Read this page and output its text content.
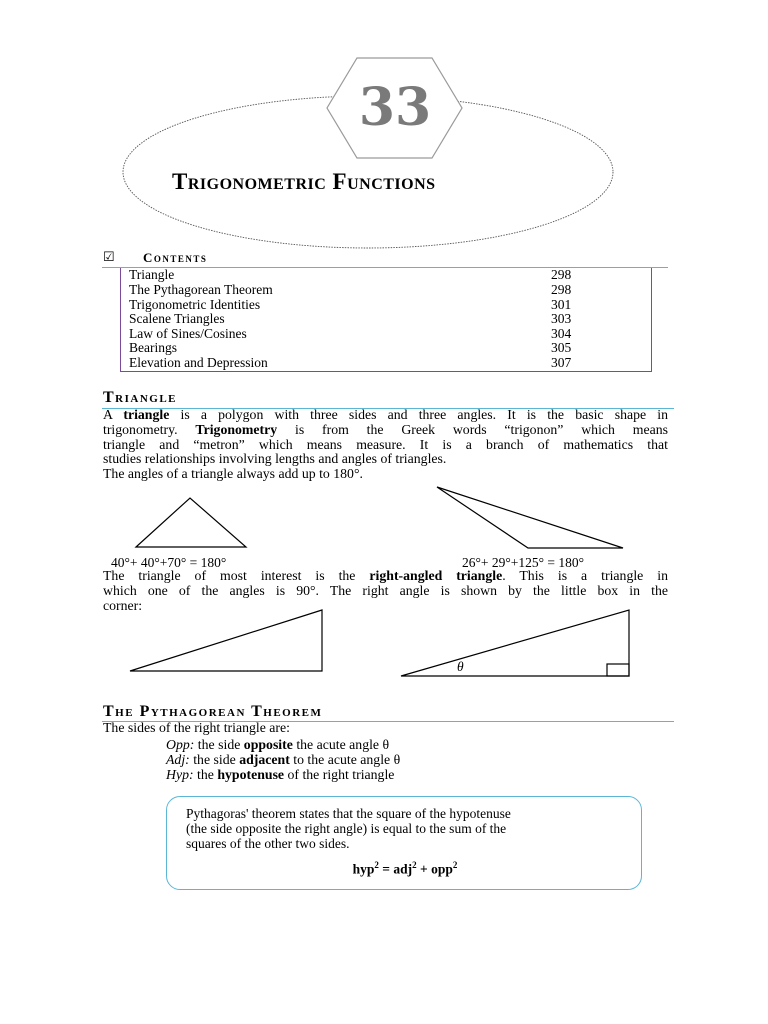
33
Trigonometric Functions
☑ Contents
Triangle	298
The Pythagorean Theorem	298
Trigonometric Identities	301
Scalene Triangles	303
Law of Sines/Cosines	304
Bearings	305
Elevation and Depression	307
Triangle
A triangle is a polygon with three sides and three angles. It is the basic shape in
trigonometry. Trigonometry is from the Greek words “trigonon” which means
triangle and “metron” which means measure. It is a branch of mathematics that
studies relationships involving lengths and angles of triangles.
The angles of a triangle always add up to 180°.
40°+ 40°+70° = 180°	26°+ 29°+125° = 180°
The triangle of most interest is the right-angled triangle. This is a triangle in
which one of the angles is 90°. The right angle is shown by the little box in the
corner:
θ
The Pythagorean Theorem
The sides of the right triangle are:
Opp: the side opposite the acute angle θ
Adj: the side adjacent to the acute angle θ
Hyp: the hypotenuse of the right triangle
Pythagoras' theorem states that the square of the hypotenuse
(the side opposite the right angle) is equal to the sum of the
squares of the other two sides.
hyp$^2$ = adj$^2$ + opp$^2$
